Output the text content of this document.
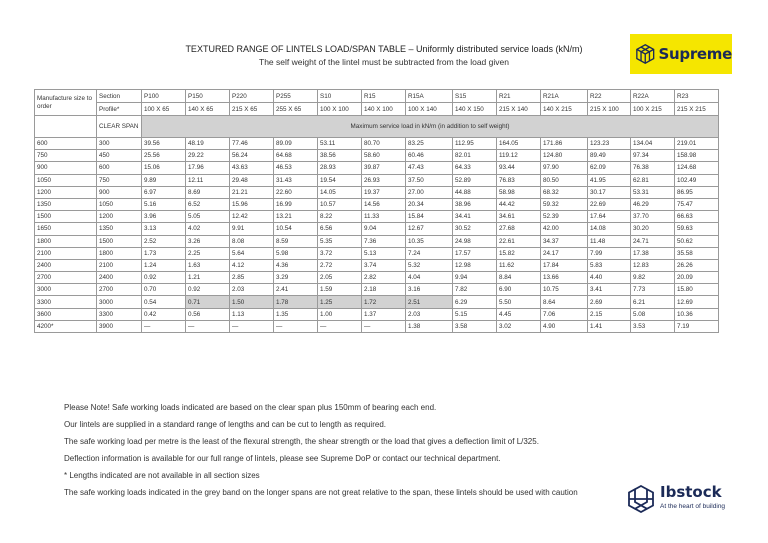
TEXTURED RANGE OF LINTELS LOAD/SPAN TABLE – Uniformly distributed service loads (kN/m)
The self weight of the lintel must be subtracted from the load given	Supreme
Manufacture size to order	Section	P100	P150	P220	P255	S10	R15	R15A	S15	R21	R21A	R22	R22A	R23
	Profile*	100 X 65	140 X 65	215 X 65	255 X 65	100 X 100	140 X 100	100 X 140	140 X 150	215 X 140	140 X 215	215 X 100	100 X 215	215 X 215
	CLEAR SPAN	Maximum service load in kN/m (in addition to self weight)												
600	300	39.56	48.19	77.46	89.09	53.11	80.70	83.25	112.95	164.05	171.86	123.23	134.04	219.01
750	450	25.56	29.22	56.24	64.68	38.56	58.60	60.46	82.01	119.12	124.80	89.49	97.34	158.98
900	600	15.06	17.96	43.63	46.53	28.93	39.87	47.43	64.33	93.44	97.90	62.09	76.38	124.68
1050	750	9.89	12.11	29.48	31.43	19.54	26.93	37.50	52.89	76.83	80.50	41.95	62.81	102.49
1200	900	6.97	8.69	21.21	22.60	14.05	19.37	27.00	44.88	58.98	68.32	30.17	53.31	86.95
1350	1050	5.16	6.52	15.96	16.99	10.57	14.56	20.34	38.96	44.42	59.32	22.69	46.29	75.47
1500	1200	3.96	5.05	12.42	13.21	8.22	11.33	15.84	34.41	34.61	52.39	17.64	37.70	66.63
1650	1350	3.13	4.02	9.91	10.54	6.56	9.04	12.67	30.52	27.68	42.00	14.08	30.20	59.63
1800	1500	2.52	3.26	8.08	8.59	5.35	7.36	10.35	24.98	22.61	34.37	11.48	24.71	50.62
2100	1800	1.73	2.25	5.64	5.98	3.72	5.13	7.24	17.57	15.82	24.17	7.99	17.38	35.58
2400	2100	1.24	1.63	4.12	4.36	2.72	3.74	5.32	12.98	11.62	17.84	5.83	12.83	26.26
2700	2400	0.92	1.21	2.85	3.29	2.05	2.82	4.04	9.94	8.84	13.66	4.40	9.82	20.09
3000	2700	0.70	0.92	2.03	2.41	1.59	2.18	3.16	7.82	6.90	10.75	3.41	7.73	15.80
3300	3000	0.54	0.71	1.50	1.78	1.25	1.72	2.51	6.29	5.50	8.64	2.69	6.21	12.69
3600	3300	0.42	0.56	1.13	1.35	1.00	1.37	2.03	5.15	4.45	7.06	2.15	5.08	10.36
4200*	3900	—	—	—	—	—	—	1.38	3.58	3.02	4.90	1.41	3.53	7.19

Please Note! Safe working loads indicated are based on the clear span plus 150mm of bearing each end.

Our lintels are supplied in a standard range of lengths and can be cut to length as required.

The safe working load per metre is the least of the flexural strength, the shear strength or the load that gives a deflection limit of L/325.

Deflection information is available for our full range of lintels, please see Supreme DoP or contact our technical department.

* Lengths indicated are not available in all section sizes

The safe working loads indicated in the grey band on the longer spans are not great relative to the span, these lintels should be used with caution	Ibstock
At the heart of building
